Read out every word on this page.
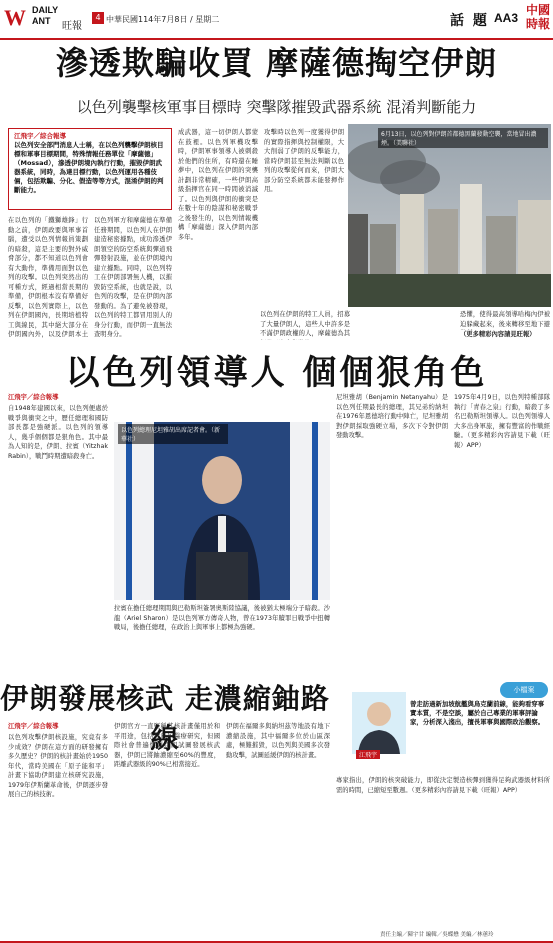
W DAILY
ANT 旺報
4 中華民國114年7月8日 / 星期二	話 題 AA3
中國時報
滲透欺騙收買 摩薩德掏空伊朗
以色列襲擊核軍事目標時 突擊隊摧毀武器系統 混淆判斷能力
江飛宇／綜合報導
以色列安全部門消息人士稱，在以色列襲擊伊朗核目標和軍事目標期間，特殊情報任務單位「摩薩德」（Mossad），滲透伊朗境內執行行動，摧毀伊朗武器系統，同時，為達目標行動，以色列運用各種伎倆，包括欺騙、分化、假造等等方式，混淆伊朗的判斷能力。
在以色列的「鐵獅雄鋒」行動之前，伊朗政要與軍事首腦，遭受以色列情報員策劃的暗殺，這是主要的對外威脅部分，都不知道以色列會有大動作，準備用面對以色列的攻擊。以色列突然出的可種方式，經過相當長期的準備，伊朗根本沒有準備好反擊，以色列實際上，以色列在伊朗國內，長期培植特工與線民，其中絕大部分在伊朗國內外，以及伊朗本土
以色列軍方和摩薩德在準備任務期間，以色列人在伊朗建造秘密據點，成功滲透伊朗領空的防空系統與彈道飛彈發射設施，並在伊朗境內建立據點。同時，以色列特工在伊朗部署無人機，以摧毀防空系統，也就是說，以色列的攻擊，是在伊朗內部發動的。為了避免被發現，以色列的特工都冒用別人的身分行動，而伊朗一直無法查明身分。
成武器，這一切伊朗人都蒙在鼓裡。以色列軍機攻擊時，伊朗軍事領導人被刺殺於他們的住所，有時還在睡夢中，以色列在伊朗的突襲計劃非常精確，一些伊朗高級指揮官在同一時間被消滅了。以色列與伊朗的衝突是在數十年的陰謀和秘密戰爭之後發生的，以色列情報機構「摩薩德」深入伊朗內部多年。
攻擊時以色列一度獲得伊朗的實際指揮與控制權限，大大削弱了伊朗的反擊能力，當時伊朗甚至無法判斷以色列的攻擊從何而來，伊朗大部分防空系統都未能發揮作用。
以色列在伊朗的特工人員，招募了大量伊朗人，這些人中許多是不滿伊朗政權的人，摩薩德為其
恐懼，使得最高領導哈梅內伊被迫躲藏起來，後來轉移至地下避
（更多精彩內容請見旺報）
6月13日，以色列對伊朗首都德黑蘭發動空襲，當地冒出濃煙。（美聯社）
以色列領導人 個個狠角色
江飛宇／綜合報導
自1948年建國以來，以色列便處於戰爭與衝突之中，歷任總理和國防部長都是強硬派。以色列的領導人，幾乎個個都是狠角色。其中最為人知的是，伊朗、拉賓（Yitzhak Rabin），戰鬥時期遭暗殺身亡。
以色列總理尼坦雅胡出席記者會。（新華社）
拉賓在擔任總理期間與巴勒斯坦簽署奧斯陸協議，後被猶太極端分子暗殺。沙龍（Ariel Sharon）是以色列軍方傳奇人物，曾在1973年贖罪日戰爭中扭轉戰局，後擔任總理，在政治上與軍事上都極為強硬。
尼坦雅胡（Benjamin Netanyahu）是以色列任期最長的總理，其兄弟約納坦在1976年恩德培行動中陣亡，尼坦雅胡對伊朗採取強硬立場，多次下令對伊朗發動攻擊。
1975年4月9日，以色列特種部隊執行「青春之泉」行動，暗殺了多名巴勒斯坦領導人。以色列領導人大多出身軍旅，擁有豐富的作戰經驗。（更多精彩內容請見下載（旺報）APP）
伊朗發展核武 走濃縮鈾路線
江飛宇／綜合報導
以色列攻擊伊朗核設施，究竟有多少成效？伊朗在這方面的研發擁有多久歷史？伊朗的核計畫始於1950年代，當時美國在「原子能和平」計畫下協助伊朗建立核研究設施，1979年伊斯蘭革命後，伊朗逐步發展自己的核技術。
伊朗官方一直堅稱其核計畫僅用於和平用途，包括發電和醫療研究，但國際社會普遍懷疑伊朗試圖發展核武器，伊朗已將鈾濃縮至60%的豐度，距離武器級的90%已相當接近。
伊朗在福爾多與納坦茲等地設有地下濃縮設施，其中福爾多位於山區深處，極難摧毀，以色列與美國多次發動攻擊，試圖延緩伊朗的核計畫。
專家指出，伊朗的核突破能力，即從決定製造核彈到獲得足夠武器級材料所需的時間，已縮短至數週。（更多精彩內容請見下載（旺報）APP）
小檔案
江飛宇
曾走訪過新加坡航艦與烏克蘭前線，能夠看穿事實本質，不是空談，屬於自己專業的軍事評論家，分析深入淺出，擅長軍事與國際政治觀察。
責任主編／陳宇甘 編輯／吳蝶懋 美編／林蕙玲
